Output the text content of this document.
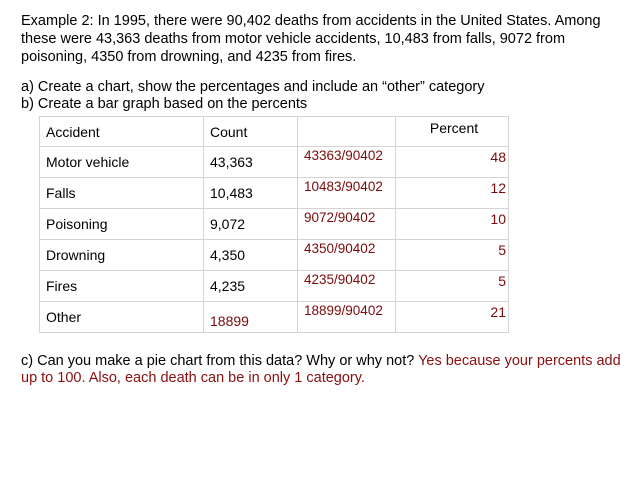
Example 2: In 1995, there were 90,402 deaths from accidents in the United States. Among these were 43,363 deaths from motor vehicle accidents, 10,483 from falls, 9072 from poisoning, 4350 from drowning, and 4235 from fires.
a) Create a chart, show the percentages and include an “other” category
b) Create a bar graph based on the percents
Accident	Count		Percent
Motor vehicle	43,363	43363/90402	48
Falls	10,483	10483/90402	12
Poisoning	9,072	9072/90402	10
Drowning	4,350	4350/90402	5
Fires	4,235	4235/90402	5
Other	18899	18899/90402	21
c) Can you make a pie chart from this data? Why or why not? Yes because your percents add up to 100. Also, each death can be in only 1 category.
